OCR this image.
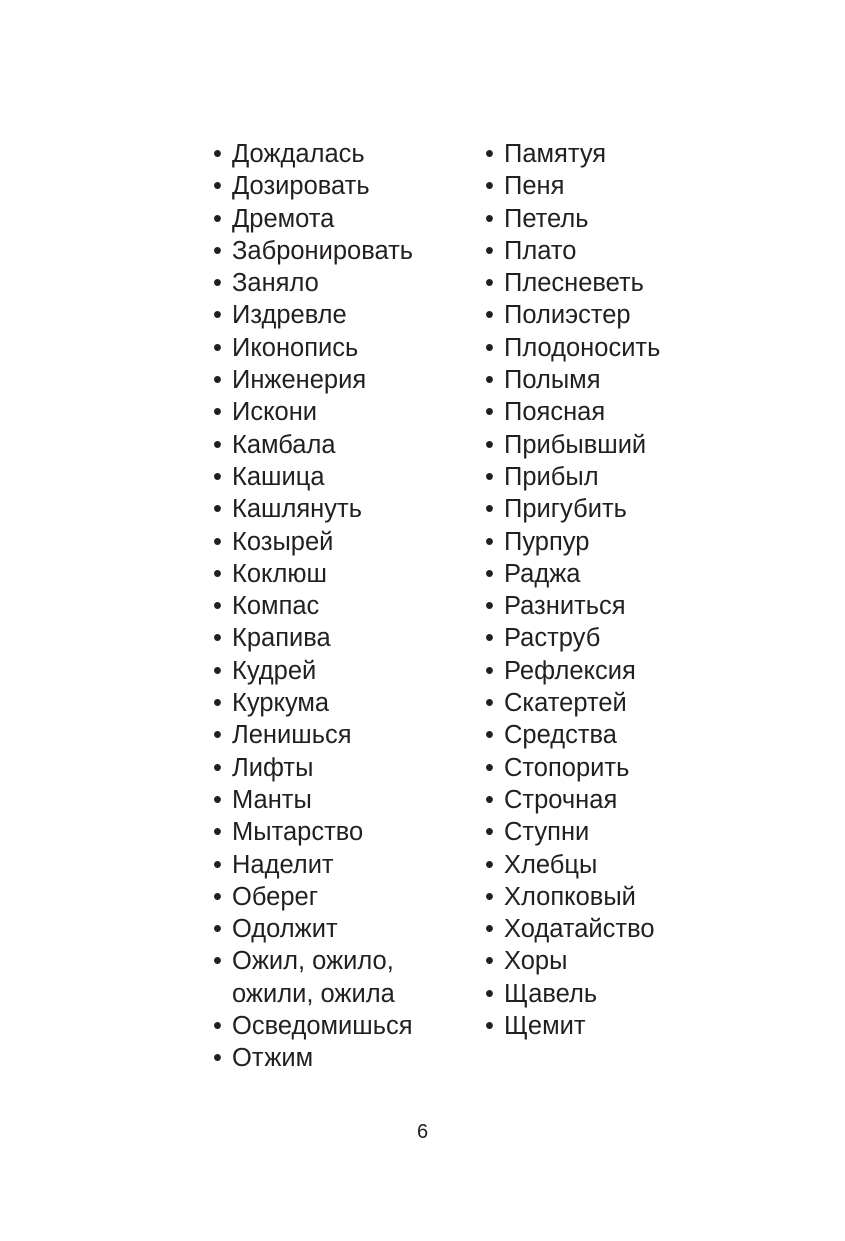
• Дождалась
• Дозировать
• Дремота
• Забронировать
• Заняло
• Издревле
• Иконопись
• Инженерия
• Искони
• Камбала
• Кашица
• Кашлянуть
• Козырей
• Коклюш
• Компас
• Крапива
• Кудрей
• Куркума
• Ленишься
• Лифты
• Манты
• Мытарство
• Наделит
• Оберег
• Одолжит
• Ожил, ожило,
ожили, ожила
• Осведомишься
• Отжим
• Памятуя
• Пеня
• Петель
• Плато
• Плесневеть
• Полиэстер
• Плодоносить
• Полымя
• Поясная
• Прибывший
• Прибыл
• Пригубить
• Пурпур
• Раджа
• Разниться
• Раструб
• Рефлексия
• Скатертей
• Средства
• Стопорить
• Строчная
• Ступни
• Хлебцы
• Хлопковый
• Ходатайство
• Хоры
• Щавель
• Щемит
6
